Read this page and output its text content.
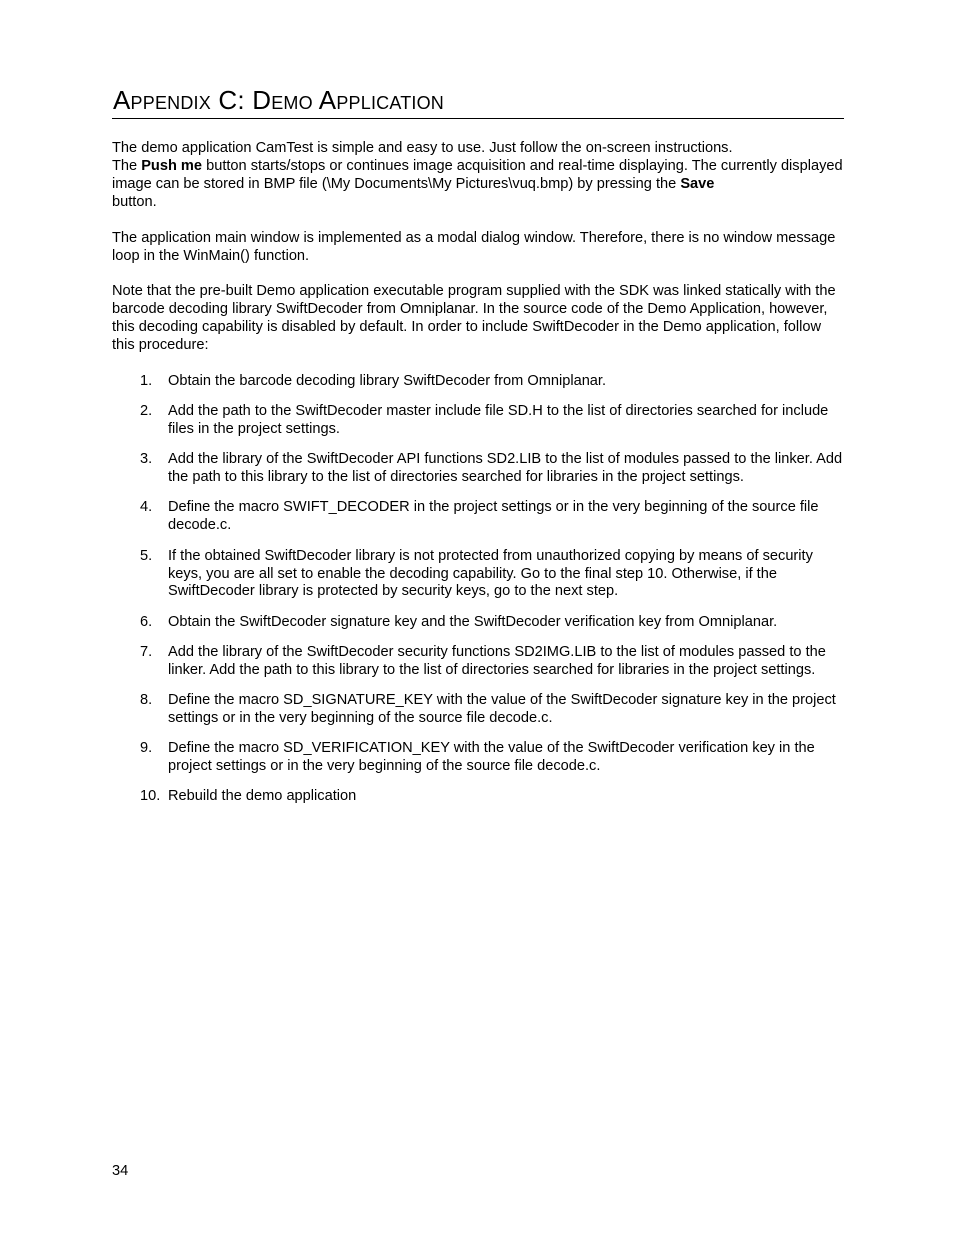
Appendix C: Demo Application

The demo application CamTest is simple and easy to use. Just follow the on-screen instructions.
The Push me button starts/stops or continues image acquisition and real-time displaying. The currently displayed image can be stored in BMP file (\My Documents\My Pictures\vuq.bmp) by pressing the Save
button.

The application main window is implemented as a modal dialog window. Therefore, there is no window message loop in the WinMain() function.

Note that the pre-built Demo application executable program supplied with the SDK was linked statically with the barcode decoding library SwiftDecoder from Omniplanar. In the source code of the Demo Application, however, this decoding capability is disabled by default. In order to include SwiftDecoder in the Demo application, follow this procedure:

1.	Obtain the barcode decoding library SwiftDecoder from Omniplanar.
2.	Add the path to the SwiftDecoder master include file SD.H to the list of directories searched for include files in the project settings.
3.	Add the library of the SwiftDecoder API functions SD2.LIB to the list of modules passed to the linker. Add the path to this library to the list of directories searched for libraries in the project settings.
4.	Define the macro SWIFT_DECODER in the project settings or in the very beginning of the source file decode.c.
5.	If the obtained SwiftDecoder library is not protected from unauthorized copying by means of security keys, you are all set to enable the decoding capability. Go to the final step 10. Otherwise, if the SwiftDecoder library is protected by security keys, go to the next step.
6.	Obtain the SwiftDecoder signature key and the SwiftDecoder verification key from Omniplanar.
7.	Add the library of the SwiftDecoder security functions SD2IMG.LIB to the list of modules passed to the linker. Add the path to this library to the list of directories searched for libraries in the project settings.
8.	Define the macro SD_SIGNATURE_KEY with the value of the SwiftDecoder signature key in the project settings or in the very beginning of the source file decode.c.
9.	Define the macro SD_VERIFICATION_KEY with the value of the SwiftDecoder verification key in the project settings or in the very beginning of the source file decode.c.
10. Rebuild the demo application
34
